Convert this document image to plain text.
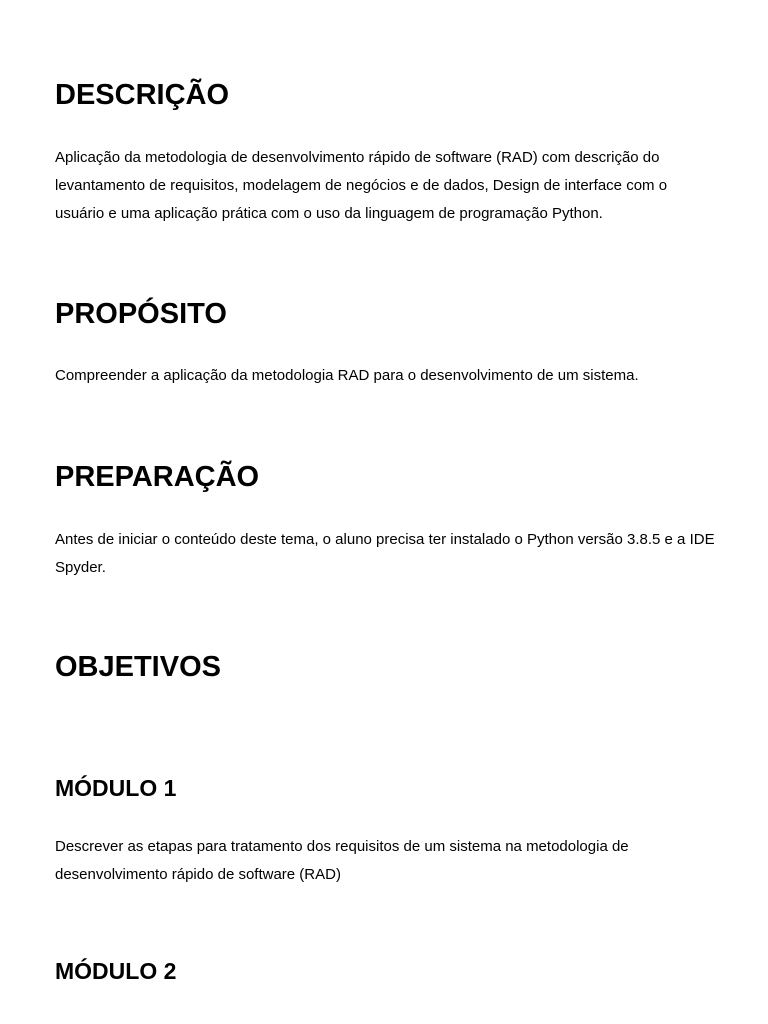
DESCRIÇÃO

Aplicação da metodologia de desenvolvimento rápido de software (RAD) com descrição do levantamento de requisitos, modelagem de negócios e de dados, Design de interface com o usuário e uma aplicação prática com o uso da linguagem de programação Python.

PROPÓSITO

Compreender a aplicação da metodologia RAD para o desenvolvimento de um sistema.

PREPARAÇÃO

Antes de iniciar o conteúdo deste tema, o aluno precisa ter instalado o Python versão 3.8.5 e a IDE Spyder.

OBJETIVOS
MÓDULO 1

Descrever as etapas para tratamento dos requisitos de um sistema na metodologia de desenvolvimento rápido de software (RAD)

MÓDULO 2
